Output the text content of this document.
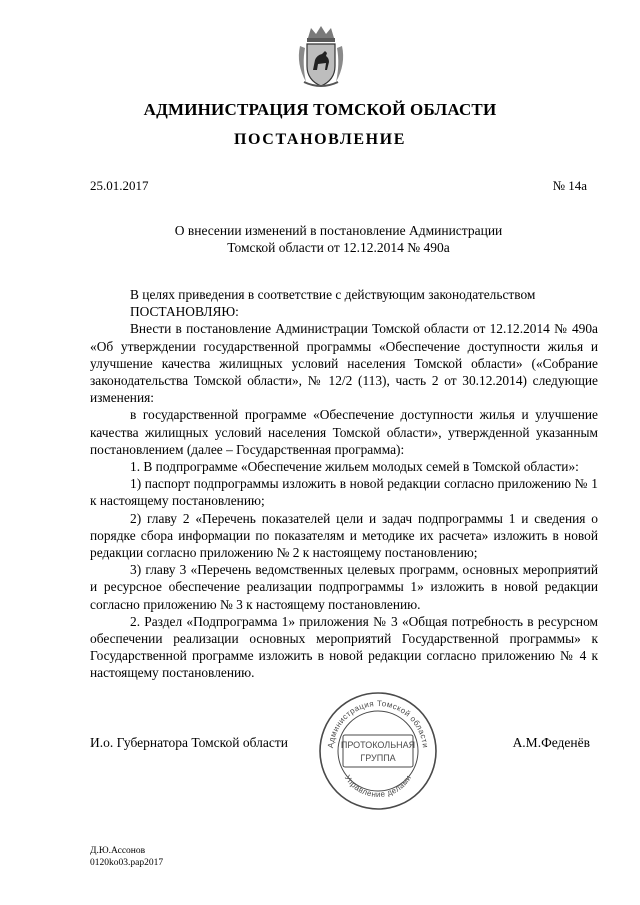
АДМИНИСТРАЦИЯ ТОМСКОЙ ОБЛАСТИ
ПОСТАНОВЛЕНИЕ
25.01.2017	№ 14а
О внесении изменений в постановление Администрации
Томской области от 12.12.2014 № 490а

В целях приведения в соответствие с действующим законодательством

ПОСТАНОВЛЯЮ:

Внести в постановление Администрации Томской области от 12.12.2014 № 490а «Об утверждении государственной программы «Обеспечение доступности жилья и улучшение качества жилищных условий населения Томской области» («Собрание законодательства Томской области», № 12/2 (113), часть 2 от 30.12.2014) следующие изменения:

в государственной программе «Обеспечение доступности жилья и улучшение качества жилищных условий населения Томской области», утвержденной указанным постановлением (далее – Государственная программа):

1. В подпрограмме «Обеспечение жильем молодых семей в Томской области»:

1) паспорт подпрограммы изложить в новой редакции согласно приложению № 1 к настоящему постановлению;

2) главу 2 «Перечень показателей цели и задач подпрограммы 1 и сведения о порядке сбора информации по показателям и методике их расчета» изложить в новой редакции согласно приложению № 2 к настоящему постановлению;

3) главу 3 «Перечень ведомственных целевых программ, основных мероприятий и ресурсное обеспечение реализации подпрограммы 1» изложить в новой редакции согласно приложению № 3 к настоящему постановлению.

2. Раздел «Подпрограмма 1» приложения № 3 «Общая потребность в ресурсном обеспечении реализации основных мероприятий Государственной программы» к Государственной программе изложить в новой редакции согласно приложению № 4 к настоящему постановлению.

И.о. Губернатора Томской области	А.М.Феденёв
Администрация Томской области
Управление делами
ПРОТОКОЛЬНАЯ
ГРУППА
Д.Ю.Ассонов
0120ko03.pap2017
